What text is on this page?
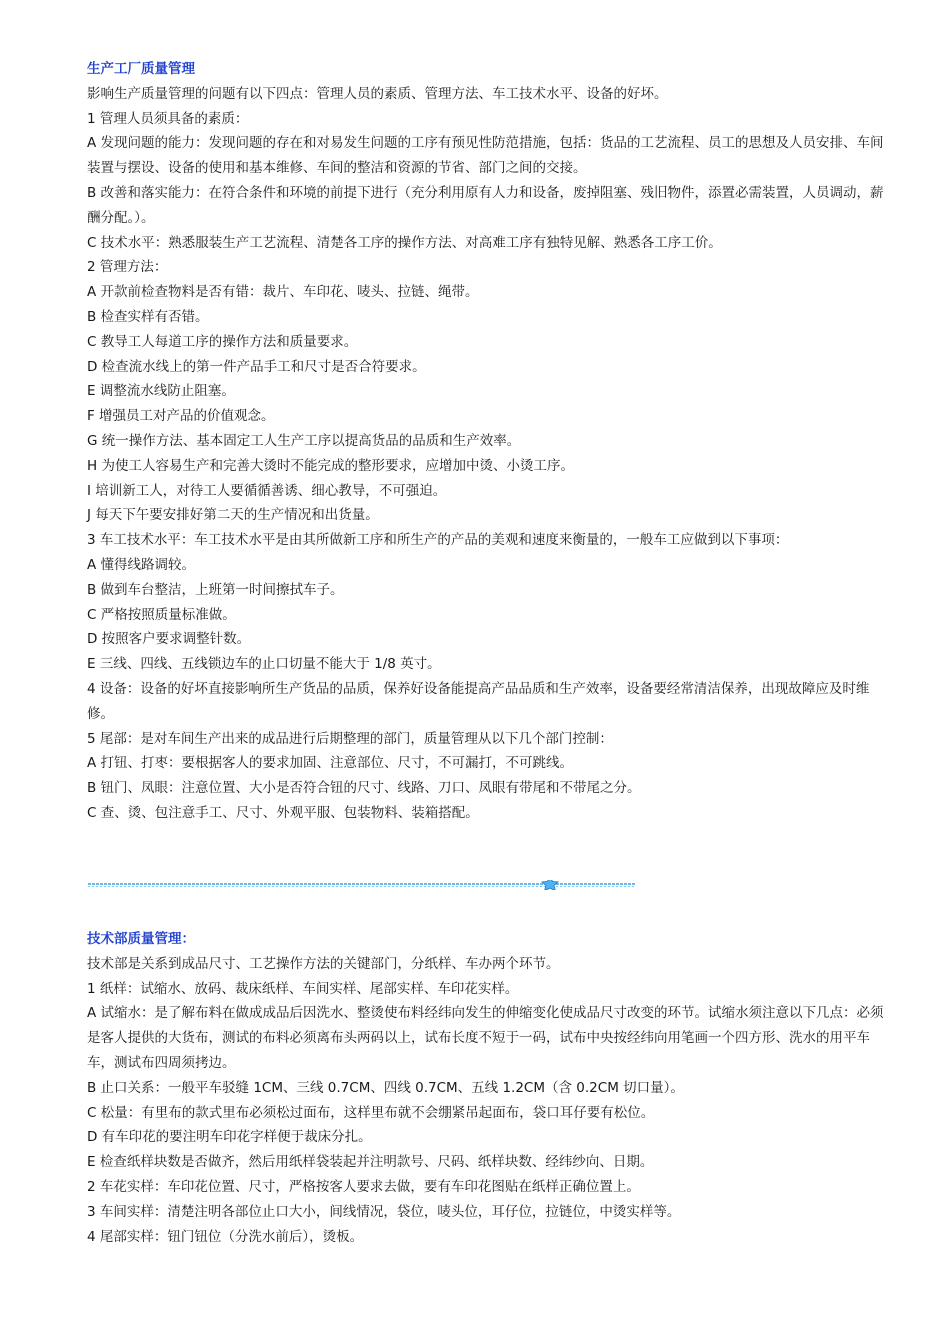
生产工厂质量管理
影响生产质量管理的问题有以下四点：管理人员的素质、管理方法、车工技术水平、设备的好坏。
1 管理人员须具备的素质：
A 发现问题的能力：发现问题的存在和对易发生问题的工序有预见性防范措施，包括：货品的工艺流程、员工的思想及人员安排、车间装置与摆设、设备的使用和基本维修、车间的整洁和资源的节省、部门之间的交接。
B 改善和落实能力：在符合条件和环境的前提下进行（充分利用原有人力和设备，废掉阻塞、残旧物件，添置必需装置，人员调动，薪酬分配。）。
C 技术水平：熟悉服装生产工艺流程、清楚各工序的操作方法、对高难工序有独特见解、熟悉各工序工价。
2 管理方法：
A 开款前检查物料是否有错：裁片、车印花、唛头、拉链、绳带。
B 检查实样有否错。
C 教导工人每道工序的操作方法和质量要求。
D 检查流水线上的第一件产品手工和尺寸是否合符要求。
E 调整流水线防止阻塞。
F 增强员工对产品的价值观念。
G 统一操作方法、基本固定工人生产工序以提高货品的品质和生产效率。
H 为使工人容易生产和完善大烫时不能完成的整形要求，应增加中烫、小烫工序。
I 培训新工人，对待工人要循循善诱、细心教导，不可强迫。
J 每天下午要安排好第二天的生产情况和出货量。
3 车工技术水平：车工技术水平是由其所做新工序和所生产的产品的美观和速度来衡量的，一般车工应做到以下事项：
A 懂得线路调较。
B 做到车台整洁，上班第一时间擦拭车子。
C 严格按照质量标准做。
D 按照客户要求调整针数。
E 三线、四线、五线锁边车的止口切量不能大于 1/8 英寸。
4 设备：设备的好坏直接影响所生产货品的品质，保养好设备能提高产品品质和生产效率，设备要经常清洁保养，出现故障应及时维修。
5 尾部：是对车间生产出来的成品进行后期整理的部门，质量管理从以下几个部门控制：
A 打钮、打枣：要根据客人的要求加固、注意部位、尺寸，不可漏打，不可跳线。
B 钮门、凤眼：注意位置、大小是否符合钮的尺寸、线路、刀口、凤眼有带尾和不带尾之分。
C 查、烫、包注意手工、尺寸、外观平服、包装物料、装箱搭配。
技术部质量管理：
技术部是关系到成品尺寸、工艺操作方法的关键部门，分纸样、车办两个环节。
1 纸样：试缩水、放码、裁床纸样、车间实样、尾部实样、车印花实样。
A 试缩水：是了解布料在做成成品后因洗水、整烫使布料经纬向发生的伸缩变化使成品尺寸改变的环节。试缩水须注意以下几点：必须是客人提供的大货布，测试的布料必须离布头两码以上，试布长度不短于一码，试布中央按经纬向用笔画一个四方形、洗水的用平车车，测试布四周须拷边。
B 止口关系：一般平车驳缝 1CM、三线 0.7CM、四线 0.7CM、五线 1.2CM（含 0.2CM 切口量）。
C 松量：有里布的款式里布必须松过面布，这样里布就不会绷紧吊起面布，袋口耳仔要有松位。
D 有车印花的要注明车印花字样便于裁床分扎。
E 检查纸样块数是否做齐，然后用纸样袋装起并注明款号、尺码、纸样块数、经纬纱向、日期。
2 车花实样：车印花位置、尺寸，严格按客人要求去做，要有车印花图贴在纸样正确位置上。
3 车间实样：清楚注明各部位止口大小，间线情况，袋位，唛头位，耳仔位，拉链位，中烫实样等。
4 尾部实样：钮门钮位（分洗水前后），烫板。
